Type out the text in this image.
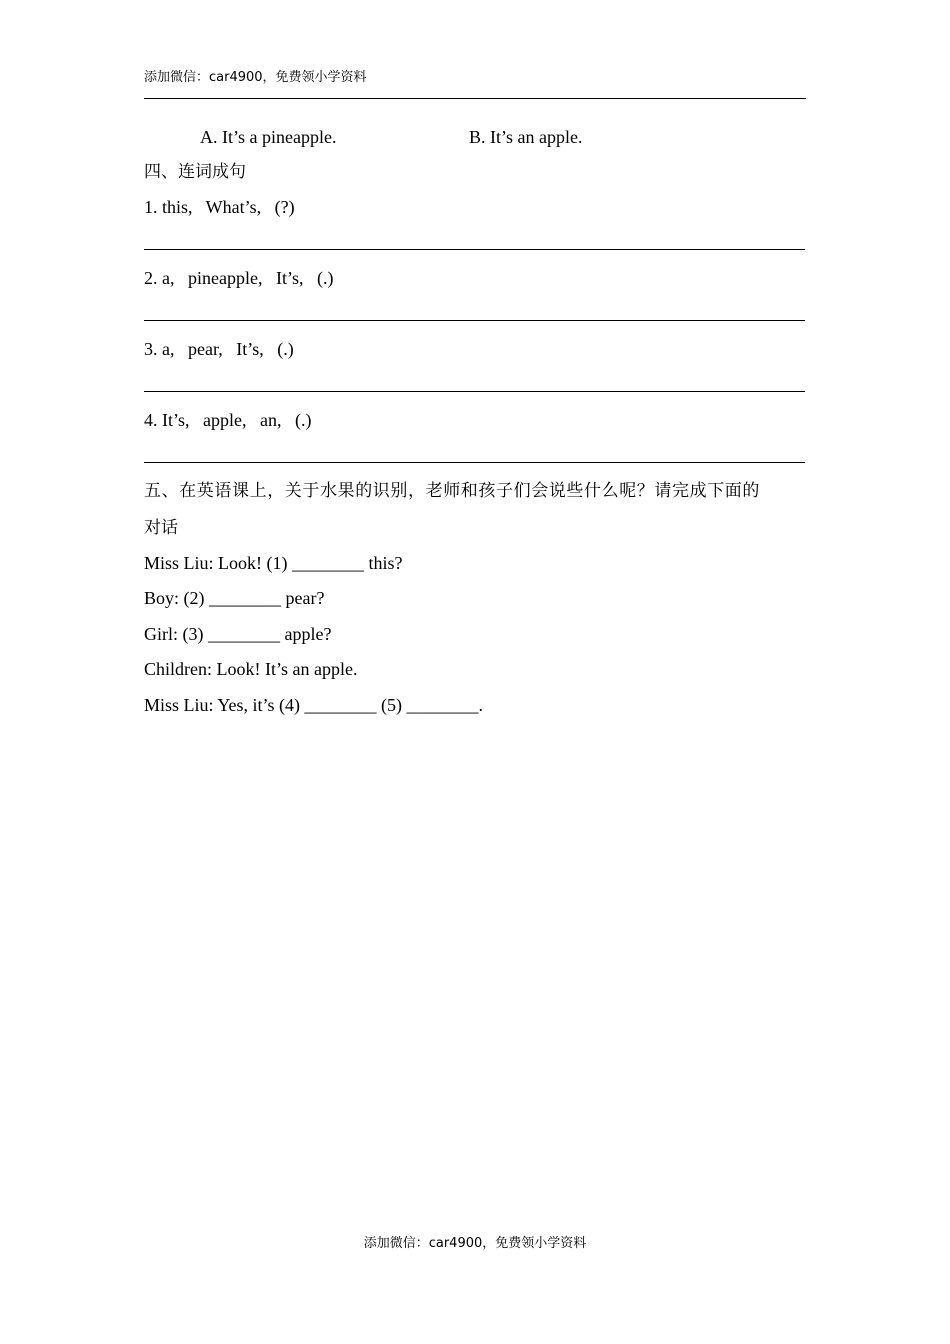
添加微信：car4900，免费领小学资料
A. It’s a pineapple.	B. It’s an apple.
四、连词成句
1. this,   What’s,   (?)
2. a,   pineapple,   It’s,   (.)
3. a,   pear,   It’s,   (.)
4. It’s,   apple,   an,   (.)
五、在英语课上，关于水果的识别，老师和孩子们会说些什么呢？请完成下面的
对话
Miss Liu: Look! (1) ________ this?
Boy: (2) ________ pear?
Girl: (3) ________ apple?
Children: Look! It’s an apple.
Miss Liu: Yes, it’s (4) ________ (5) ________.
添加微信：car4900，免费领小学资料
